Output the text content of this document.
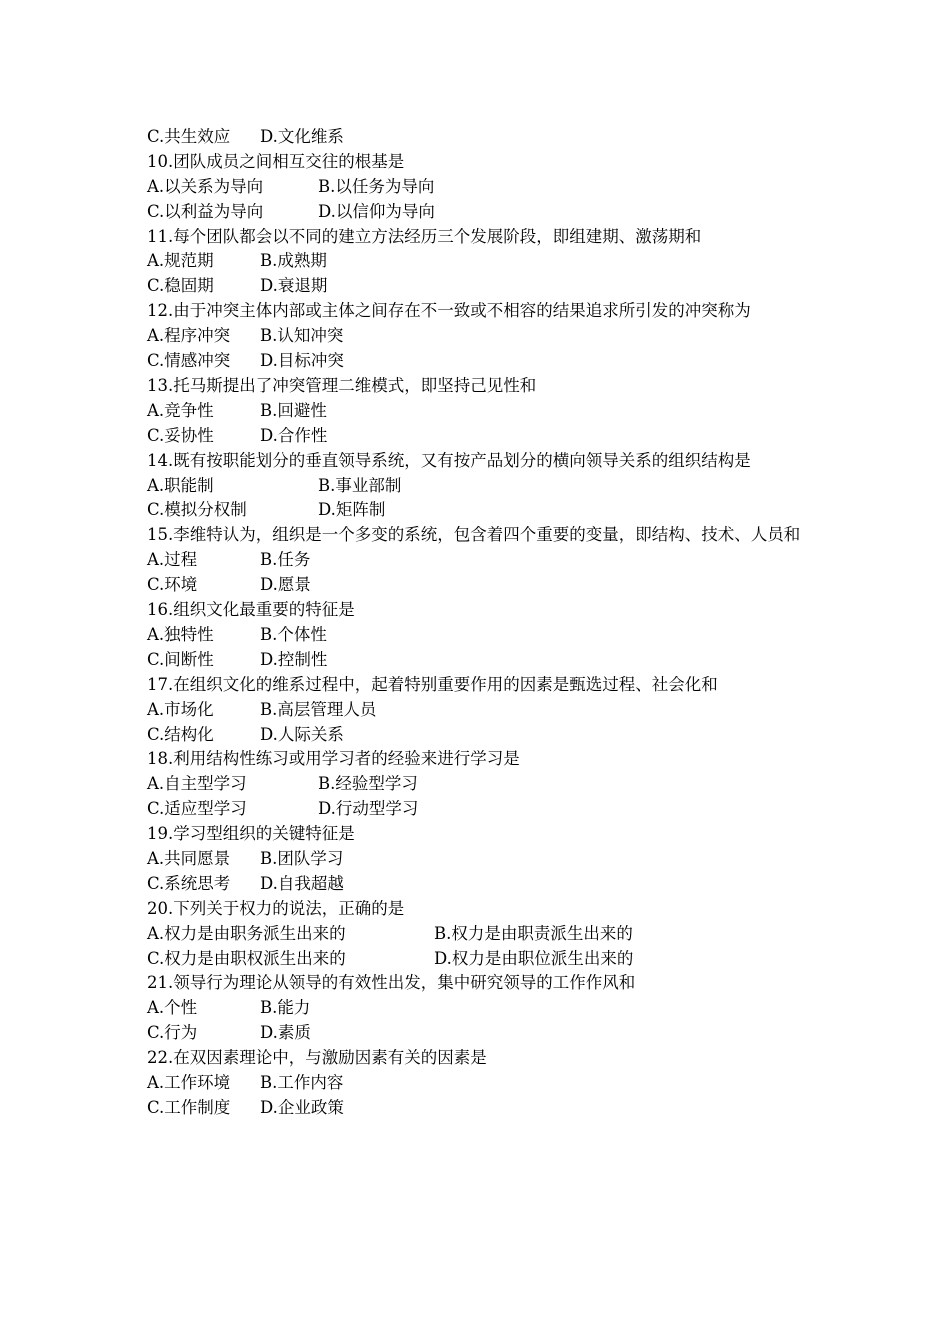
C.共生效应	D.文化维系
10.团队成员之间相互交往的根基是
A.以关系为导向	B.以任务为导向
C.以利益为导向	D.以信仰为导向
11.每个团队都会以不同的建立方法经历三个发展阶段，即组建期、激荡期和
A.规范期	B.成熟期
C.稳固期	D.衰退期
12.由于冲突主体内部或主体之间存在不一致或不相容的结果追求所引发的冲突称为
A.程序冲突	B.认知冲突
C.情感冲突	D.目标冲突
13.托马斯提出了冲突管理二维模式，即坚持己见性和
A.竞争性	B.回避性
C.妥协性	D.合作性
14.既有按职能划分的垂直领导系统，又有按产品划分的横向领导关系的组织结构是
A.职能制	B.事业部制
C.模拟分权制	D.矩阵制
15.李维特认为，组织是一个多变的系统，包含着四个重要的变量，即结构、技术、人员和
A.过程	B.任务
C.环境	D.愿景
16.组织文化最重要的特征是
A.独特性	B.个体性
C.间断性	D.控制性
17.在组织文化的维系过程中，起着特别重要作用的因素是甄选过程、社会化和
A.市场化	B.高层管理人员
C.结构化	D.人际关系
18.利用结构性练习或用学习者的经验来进行学习是
A.自主型学习	B.经验型学习
C.适应型学习	D.行动型学习
19.学习型组织的关键特征是
A.共同愿景	B.团队学习
C.系统思考	D.自我超越
20.下列关于权力的说法，正确的是
A.权力是由职务派生出来的	B.权力是由职责派生出来的
C.权力是由职权派生出来的	D.权力是由职位派生出来的
21.领导行为理论从领导的有效性出发，集中研究领导的工作作风和
A.个性	B.能力
C.行为	D.素质
22.在双因素理论中，与激励因素有关的因素是
A.工作环境	B.工作内容
C.工作制度	D.企业政策
